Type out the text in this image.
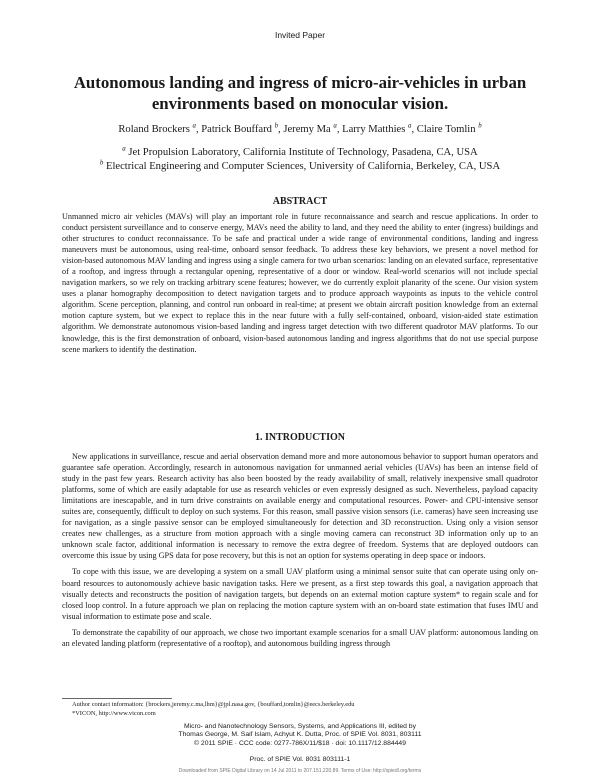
Invited Paper
Autonomous landing and ingress of micro-air-vehicles in urban
environments based on monocular vision.
Roland Brockers $^a$, Patrick Bouffard $^b$, Jeremy Ma $^a$, Larry Matthies $^a$, Claire Tomlin $^b$
$^a$ Jet Propulsion Laboratory, California Institute of Technology, Pasadena, CA, USA
$^b$ Electrical Engineering and Computer Sciences, University of California, Berkeley, CA, USA
ABSTRACT
Unmanned micro air vehicles (MAVs) will play an important role in future reconnaissance and search and rescue applications. In order to conduct persistent surveillance and to conserve energy, MAVs need the ability to land, and they need the ability to enter (ingress) buildings and other structures to conduct reconnaissance. To be safe and practical under a wide range of environmental conditions, landing and ingress maneuvers must be autonomous, using real-time, onboard sensor feedback. To address these key behaviors, we present a novel method for vision-based autonomous MAV landing and ingress using a single camera for two urban scenarios: landing on an elevated surface, representative of a rooftop, and ingress through a rectangular opening, representative of a door or window. Real-world scenarios will not include special navigation markers, so we rely on tracking arbitrary scene features; however, we do currently exploit planarity of the scene. Our vision system uses a planar homography decomposition to detect navigation targets and to produce approach waypoints as inputs to the vehicle control algorithm. Scene perception, planning, and control run onboard in real-time; at present we obtain aircraft position knowledge from an external motion capture system, but we expect to replace this in the near future with a fully self-contained, onboard, vision-aided state estimation algorithm. We demonstrate autonomous vision-based landing and ingress target detection with two different quadrotor MAV platforms. To our knowledge, this is the first demonstration of onboard, vision-based autonomous landing and ingress algorithms that do not use special purpose scene markers to identify the destination.
1. INTRODUCTION

New applications in surveillance, rescue and aerial observation demand more and more autonomous behavior to support human operators and guarantee safe operation. Accordingly, research in autonomous navigation for unmanned aerial vehicles (UAVs) has been an intense field of study in the past few years. Research activity has also been boosted by the ready availability of small, relatively inexpensive small quadrotor platforms, some of which are easily adaptable for use as research vehicles or even expressly designed as such. Nevertheless, payload capacity limitations are inescapable, and in turn drive constraints on available energy and computational resources. Power- and CPU-intensive sensor suites are, consequently, difficult to deploy on such systems. For this reason, small passive vision sensors (i.e. cameras) have seen increasing use for navigation, as a single passive sensor can be employed simultaneously for detection and 3D reconstruction. Using only a vision sensor creates new challenges, as a structure from motion approach with a single moving camera can reconstruct 3D information only up to an unknown scale factor, additional information is necessary to remove the extra degree of freedom. Systems that are deployed outdoors can overcome this issue by using GPS data for pose recovery, but this is not an option for systems operating in deep space or indoors.

To cope with this issue, we are developing a system on a small UAV platform using a minimal sensor suite that can operate using only on-board resources to autonomously achieve basic navigation tasks. Here we present, as a first step towards this goal, a navigation approach that visually detects and reconstructs the position of navigation targets, but depends on an external motion capture system* to regain scale and for closed loop control. In a future approach we plan on replacing the motion capture system with an on-board state estimation that fuses IMU and visual information to estimate pose and scale.

To demonstrate the capability of our approach, we chose two important example scenarios for a small UAV platform: autonomous landing on an elevated landing platform (representative of a rooftop), and autonomous building ingress through

Author contact information: {brockers,jeremy.c.ma,lhm}@jpl.nasa.gov, {bouffard,tomlin}@eecs.berkeley.edu

*VICON, http://www.vicon.com

Micro- and Nanotechnology Sensors, Systems, and Applications III, edited by
Thomas George, M. Saif Islam, Achyut K. Dutta, Proc. of SPIE Vol. 8031, 803111
© 2011 SPIE · CCC code: 0277-786X/11/$18 · doi: 10.1117/12.884449
Proc. of SPIE Vol. 8031 803111-1
Downloaded from SPIE Digital Library on 14 Jul 2011 to 207.151.220.89. Terms of Use: http://spiedl.org/terms
